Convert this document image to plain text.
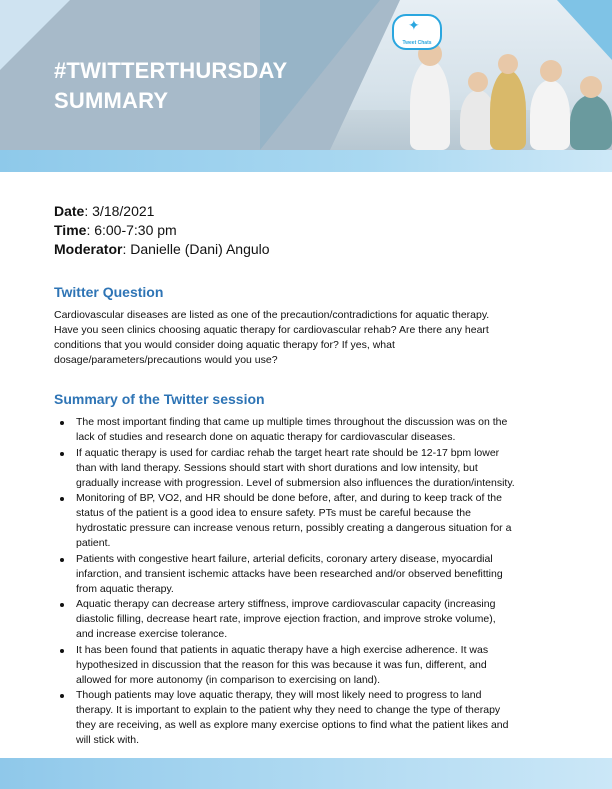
✦
Tweet Chats
#TWITTERTHURSDAY
SUMMARY
Date: 3/18/2021
Time: 6:00-7:30 pm
Moderator: Danielle (Dani) Angulo
Twitter Question
Cardiovascular diseases are listed as one of the precaution/contradictions for aquatic therapy.
Have you seen clinics choosing aquatic therapy for cardiovascular rehab? Are there any heart
conditions that you would consider doing aquatic therapy for? If yes, what
dosage/parameters/precautions would you use?
Summary of the Twitter session
The most important finding that came up multiple times throughout the discussion was on the
lack of studies and research done on aquatic therapy for cardiovascular diseases.
If aquatic therapy is used for cardiac rehab the target heart rate should be 12-17 bpm lower
than with land therapy. Sessions should start with short durations and low intensity, but
gradually increase with progression. Level of submersion also influences the duration/intensity.
Monitoring of BP, VO2, and HR should be done before, after, and during to keep track of the
status of the patient is a good idea to ensure safety. PTs must be careful because the
hydrostatic pressure can increase venous return, possibly creating a dangerous situation for a
patient.
Patients with congestive heart failure, arterial deficits, coronary artery disease, myocardial
infarction, and transient ischemic attacks have been researched and/or observed benefitting
from aquatic therapy.
Aquatic therapy can decrease artery stiffness, improve cardiovascular capacity (increasing
diastolic filling, decrease heart rate, improve ejection fraction, and improve stroke volume),
and increase exercise tolerance.
It has been found that patients in aquatic therapy have a high exercise adherence. It was
hypothesized in discussion that the reason for this was because it was fun, different, and
allowed for more autonomy (in comparison to exercising on land).
Though patients may love aquatic therapy, they will most likely need to progress to land
therapy. It is important to explain to the patient why they need to change the type of therapy
they are receiving, as well as explore many exercise options to find what the patient likes and
will stick with.
